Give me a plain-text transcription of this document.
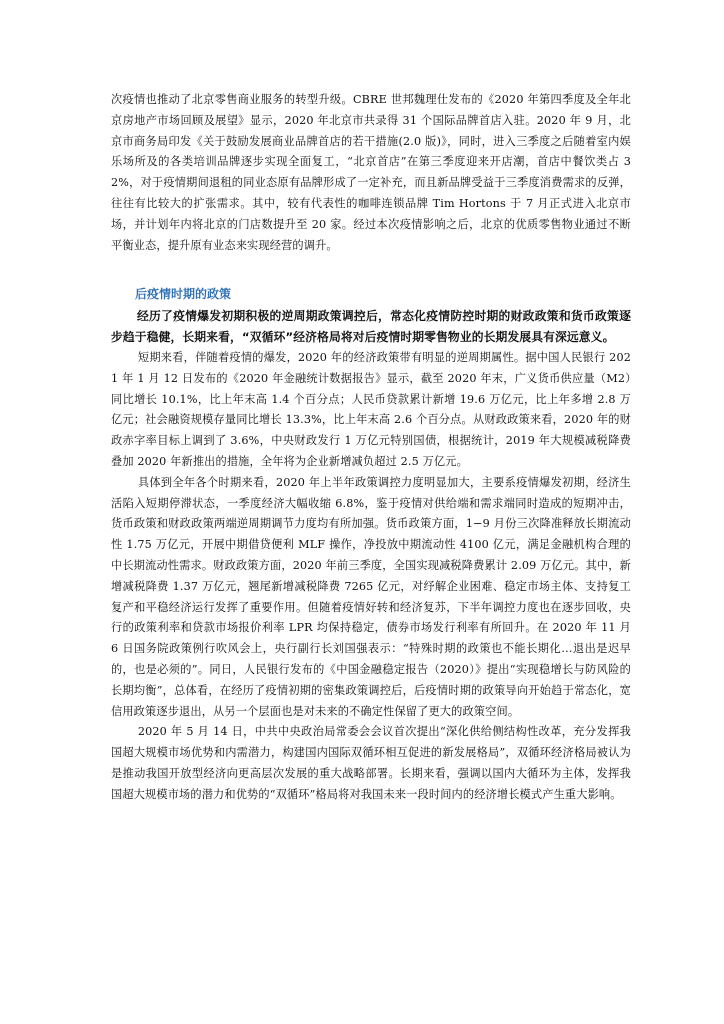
次疫情也推动了北京零售商业服务的转型升级。CBRE 世邦魏理仕发布的《2020 年第四季度及全年北京房地产市场回顾及展望》显示，2020 年北京市共录得 31 个国际品牌首店入驻。2020 年 9 月，北京市商务局印发《关于鼓励发展商业品牌首店的若干措施(2.0 版)》，同时，进入三季度之后随着室内娱乐场所及的各类培训品牌逐步实现全面复工，“北京首店”在第三季度迎来开店潮，首店中餐饮类占 32%，对于疫情期间退租的同业态原有品牌形成了一定补充，而且新品牌受益于三季度消费需求的反弹，往往有比较大的扩张需求。其中，较有代表性的咖啡连锁品牌 Tim Hortons 于 7 月正式进入北京市场，并计划年内将北京的门店数提升至 20 家。经过本次疫情影响之后，北京的优质零售物业通过不断平衡业态，提升原有业态来实现经营的调升。

后疫情时期的政策

经历了疫情爆发初期积极的逆周期政策调控后，常态化疫情防控时期的财政政策和货币政策逐步趋于稳健，长期来看，“双循环”经济格局将对后疫情时期零售物业的长期发展具有深远意义。

短期来看，伴随着疫情的爆发，2020 年的经济政策带有明显的逆周期属性。据中国人民银行 2021 年 1 月 12 日发布的《2020 年金融统计数据报告》显示，截至 2020 年末，广义货币供应量（M2）同比增长 10.1%，比上年末高 1.4 个百分点；人民币贷款累计新增 19.6 万亿元，比上年多增 2.8 万亿元；社会融资规模存量同比增长 13.3%，比上年末高 2.6 个百分点。从财政政策来看，2020 年的财政赤字率目标上调到了 3.6%，中央财政发行 1 万亿元特别国债，根据统计，2019 年大规模减税降费叠加 2020 年新推出的措施，全年将为企业新增减负超过 2.5 万亿元。

具体到全年各个时期来看，2020 年上半年政策调控力度明显加大，主要系疫情爆发初期，经济生活陷入短期停滞状态，一季度经济大幅收缩 6.8%，鉴于疫情对供给端和需求端同时造成的短期冲击，货币政策和财政政策两端逆周期调节力度均有所加强。货币政策方面，1−9 月份三次降准释放长期流动性 1.75 万亿元，开展中期借贷便利 MLF 操作，净投放中期流动性 4100 亿元，满足金融机构合理的中长期流动性需求。财政政策方面，2020 年前三季度，全国实现减税降费累计 2.09 万亿元。其中，新增减税降费 1.37 万亿元，翘尾新增减税降费 7265 亿元，对纾解企业困难、稳定市场主体、支持复工复产和平稳经济运行发挥了重要作用。但随着疫情好转和经济复苏，下半年调控力度也在逐步回收，央行的政策利率和贷款市场报价利率 LPR 均保持稳定，债券市场发行利率有所回升。在 2020 年 11 月 6 日国务院政策例行吹风会上，央行副行长刘国强表示：“特殊时期的政策也不能长期化…退出是迟早的，也是必须的”。同日，人民银行发布的《中国金融稳定报告（2020）》提出“实现稳增长与防风险的长期均衡”，总体看，在经历了疫情初期的密集政策调控后，后疫情时期的政策导向开始趋于常态化，宽信用政策逐步退出，从另一个层面也是对未来的不确定性保留了更大的政策空间。

2020 年 5 月 14 日，中共中央政治局常委会会议首次提出“深化供给侧结构性改革，充分发挥我国超大规模市场优势和内需潜力，构建国内国际双循环相互促进的新发展格局”，双循环经济格局被认为是推动我国开放型经济向更高层次发展的重大战略部署。长期来看，强调以国内大循环为主体，发挥我国超大规模市场的潜力和优势的“双循环”格局将对我国未来一段时间内的经济增长模式产生重大影响。
